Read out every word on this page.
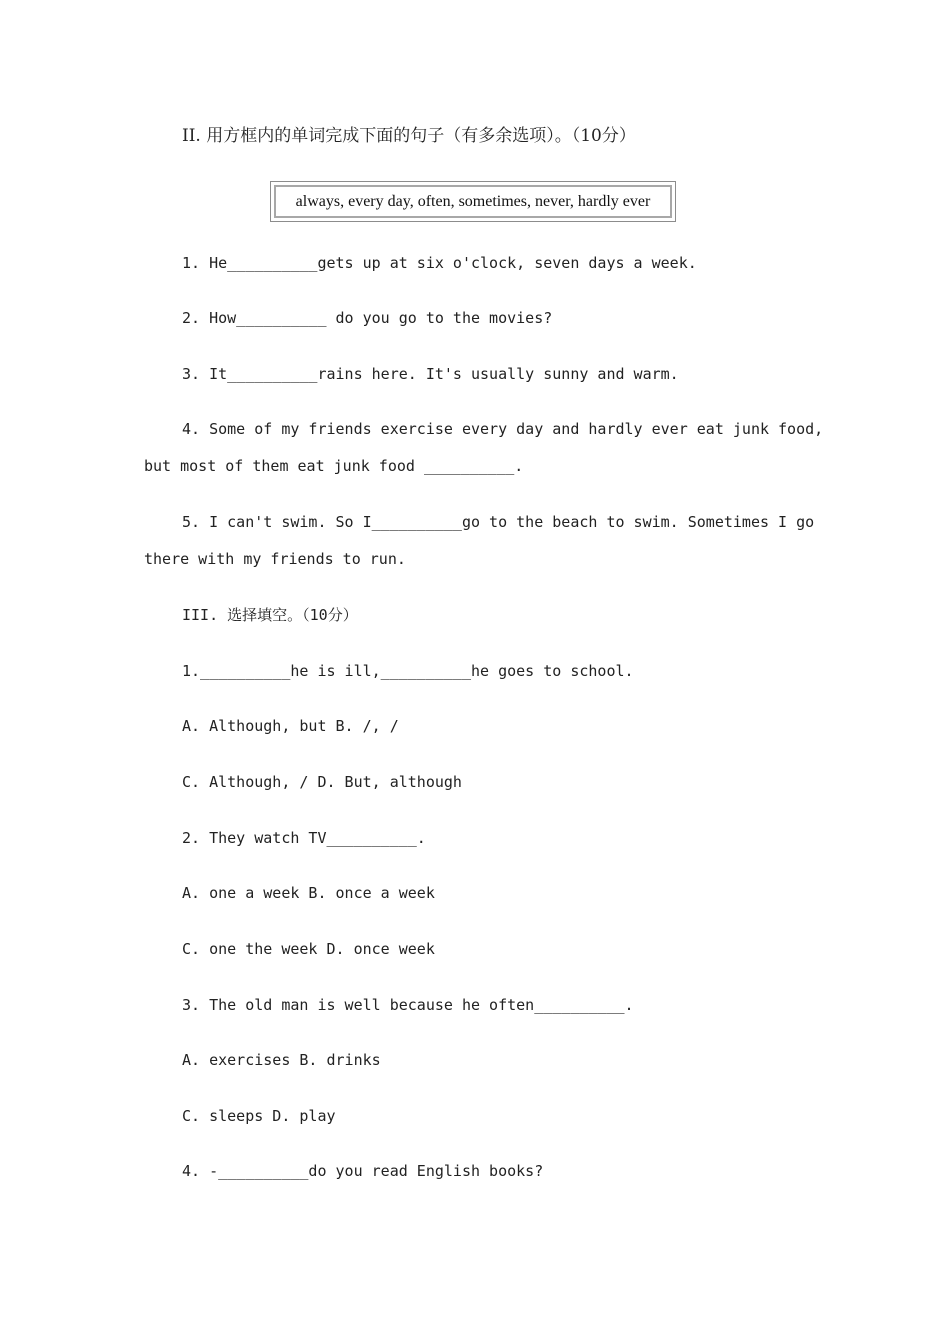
II. 用方框内的单词完成下面的句子（有多余选项）。（10分）
always, every day, often, sometimes, never, hardly ever
1. He__________gets up at six o'clock, seven days a week.
2. How__________ do you go to the movies?
3. It__________rains here. It's usually sunny and warm.
4. Some of my friends exercise every day and hardly ever eat junk food,
but most of them eat junk food __________.
5. I can't swim. So I__________go to the beach to swim. Sometimes I go
there with my friends to run.
III. 选择填空。（10分）
1.__________he is ill,__________he goes to school.
A. Although, but B. /, /
C. Although, / D. But, although
2. They watch TV__________.
A. one a week B. once a week
C. one the week D. once week
3. The old man is well because he often__________.
A. exercises B. drinks
C. sleeps D. play
4. -__________do you read English books?
